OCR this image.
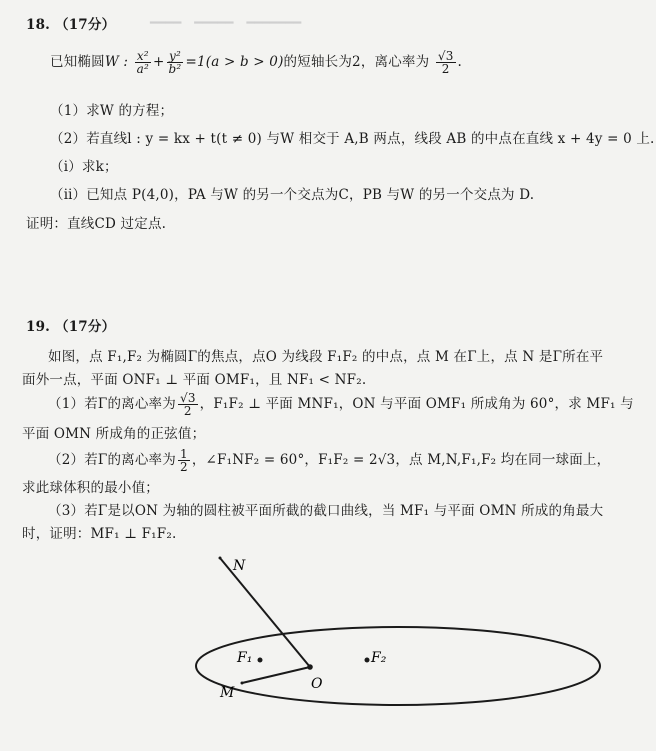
━━━━　━━━━━　━━━━━━━
18. （17分）
已知椭圆W : $\frac{\text{x²}}{\text{a²}} + \frac{\text{y²}}{\text{b²}} =1(a > b > 0)$的短轴长为2，离心率为 $\frac{√3}{2}$ .
（1）求W 的方程；
（2）若直线l : y = kx + t(t ≠ 0) 与W 相交于 A,B 两点，线段 AB 的中点在直线 x + 4y = 0 上.
（ⅰ）求k；
（ⅱ）已知点 P(4,0)，PA 与W 的另一个交点为C，PB 与W 的另一个交点为 D.
证明：直线CD 过定点.
19. （17分）
如图，点 F₁,F₂ 为椭圆Γ的焦点，点O 为线段 F₁F₂ 的中点，点 M 在Γ上，点 N 是Γ所在平
面外一点，平面 ONF₁ ⊥ 平面 OMF₁，且 NF₁ < NF₂.
（1）若Γ的离心率为 $\frac{√3}{2}$ ，F₁F₂ ⊥ 平面 MNF₁，ON 与平面 OMF₁ 所成角为 60°，求 MF₁ 与
平面 OMN 所成角的正弦值；
（2）若Γ的离心率为 $\frac{1}{2}$ ，∠F₁NF₂ = 60°，F₁F₂ = 2√3，点 M,N,F₁,F₂ 均在同一球面上，
求此球体积的最小值；
（3）若Γ是以ON 为轴的圆柱被平面所截的截口曲线，当 MF₁ 与平面 OMN 所成的角最大
时，证明：MF₁ ⊥ F₁F₂.
N
F₁	F₂
O
M
